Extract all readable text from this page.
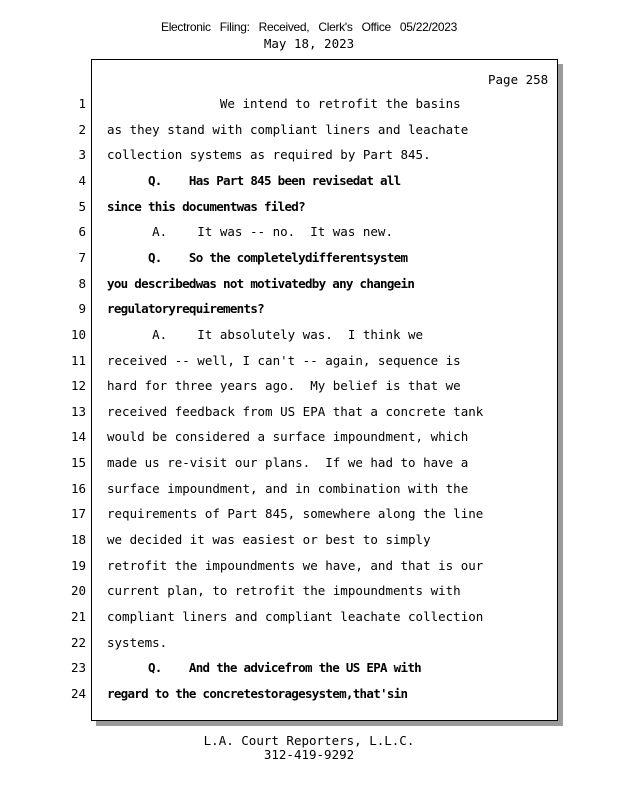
Electronic Filing: Received, Clerk's Office 05/22/2023
May 18, 2023
Page 258
1 We intend to retrofit the basins
2 as they stand with compliant liners and leachate
3 collection systems as required by Part 845.
4 Q.    Has Part 845 been revisedat all
5 since this documentwas filed?
6 A.    It was -- no.  It was new.
7 Q.    So the completelydifferentsystem
8 you describedwas not motivatedby any changein
9 regulatoryrequirements?
10 A.    It absolutely was.  I think we
11 received -- well, I can't -- again, sequence is
12 hard for three years ago.  My belief is that we
13 received feedback from US EPA that a concrete tank
14 would be considered a surface impoundment, which
15 made us re-visit our plans.  If we had to have a
16 surface impoundment, and in combination with the
17 requirements of Part 845, somewhere along the line
18 we decided it was easiest or best to simply
19 retrofit the impoundments we have, and that is our
20 current plan, to retrofit the impoundments with
21 compliant liners and compliant leachate collection
22 systems.
23 Q.    And the advicefrom the US EPA with
24 regard to the concretestoragesystem,that'sin
L.A. Court Reporters, L.L.C.
312-419-9292
